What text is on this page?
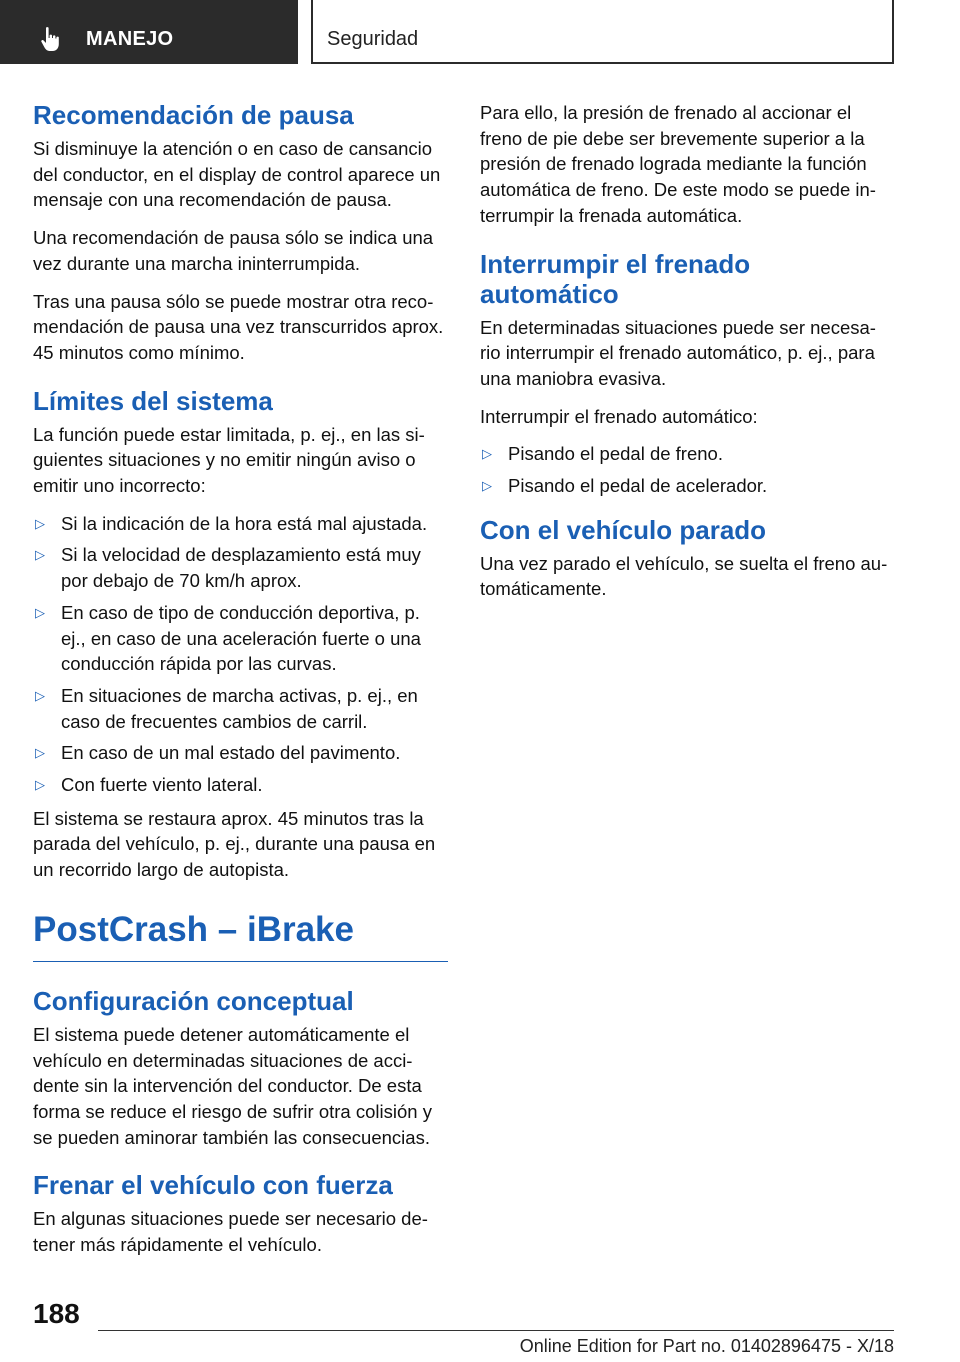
MANEJO	Seguridad
Recomendación de pausa

Si disminuye la atención o en caso de cansancio del conductor, en el display de control aparece un mensaje con una recomendación de pausa.

Una recomendación de pausa sólo se indica una vez durante una marcha ininterrumpida.

Tras una pausa sólo se puede mostrar otra reco-mendación de pausa una vez transcurridos aprox. 45 minutos como mínimo.

Límites del sistema

La función puede estar limitada, p. ej., en las si-guientes situaciones y no emitir ningún aviso o emitir uno incorrecto:

▷ Si la indicación de la hora está mal ajustada.
▷ Si la velocidad de desplazamiento está muy por debajo de 70 km/h aprox.
▷ En caso de tipo de conducción deportiva, p. ej., en caso de una aceleración fuerte o una conducción rápida por las curvas.
▷ En situaciones de marcha activas, p. ej., en caso de frecuentes cambios de carril.
▷ En caso de un mal estado del pavimento.
▷ Con fuerte viento lateral.

El sistema se restaura aprox. 45 minutos tras la parada del vehículo, p. ej., durante una pausa en un recorrido largo de autopista.

PostCrash – iBrake
Configuración conceptual

El sistema puede detener automáticamente el vehículo en determinadas situaciones de acci-dente sin la intervención del conductor. De esta forma se reduce el riesgo de sufrir otra colisión y se pueden aminorar también las consecuencias.

Frenar el vehículo con fuerza

En algunas situaciones puede ser necesario de-tener más rápidamente el vehículo.

Para ello, la presión de frenado al accionar el freno de pie debe ser brevemente superior a la presión de frenado lograda mediante la función automática de freno. De este modo se puede in-terrumpir la frenada automática.

Interrumpir el frenado automático

En determinadas situaciones puede ser necesa-rio interrumpir el frenado automático, p. ej., para una maniobra evasiva.

Interrumpir el frenado automático:

▷ Pisando el pedal de freno.
▷ Pisando el pedal de acelerador.
Con el vehículo parado

Una vez parado el vehículo, se suelta el freno au-tomáticamente.

188
Online Edition for Part no. 01402896475 - X/18
